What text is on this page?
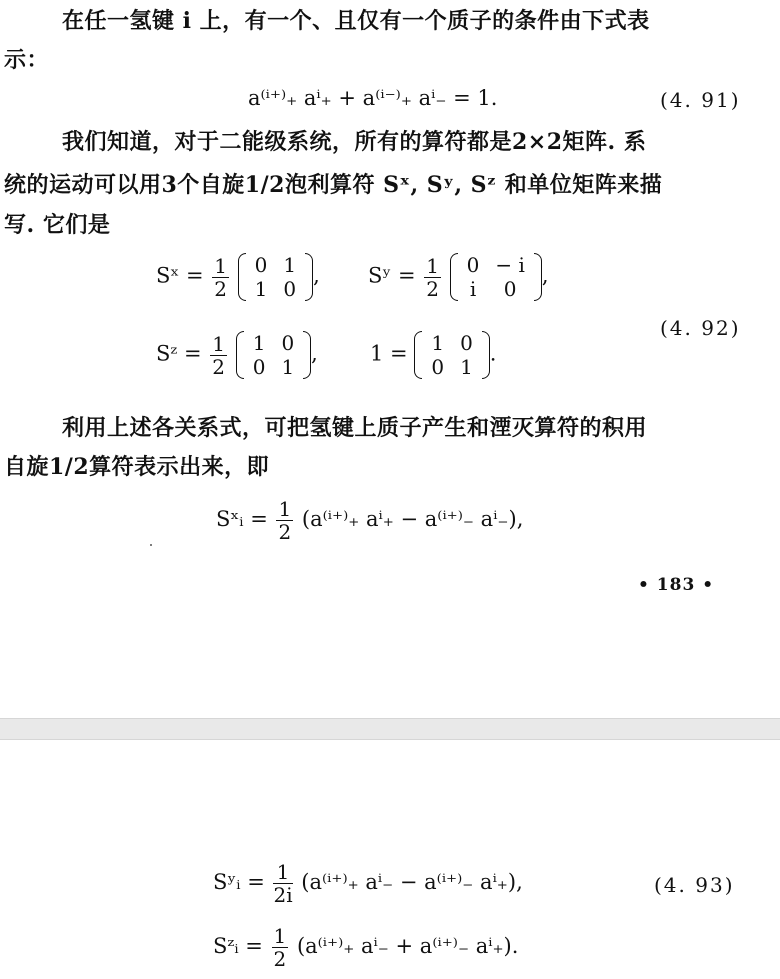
在任一氢键 i 上，有一个、且仅有一个质子的条件由下式表
示：
a⁽ⁱ⁺⁾₊ aⁱ₊ + a⁽ⁱ⁻⁾₊ aⁱ₋ = 1.	(4. 91)
我们知道，对于二能级系统，所有的算符都是2×2矩阵. 系
统的运动可以用3个自旋1/2泡利算符 Sˣ, Sʸ, Sᶻ 和单位矩阵来描
写. 它们是
Sˣ = $\frac{1}{2}$
0	1
1	0
, Sʸ = $\frac{1}{2}$
0	− i
i	0
,
(4. 92)
Sᶻ = $\frac{1}{2}$
1	0
0	1
, 1 = 1	0
0	1
.
利用上述各关系式，可把氢键上质子产生和湮灭算符的积用
自旋1/2算符表示出来，即
Sˣᵢ = $\frac{1}{2} (a^{(i+)}_+$ aⁱ₊ − a⁽ⁱ⁺⁾₋ aⁱ₋),
• 183 •
Sʸᵢ = $\frac{1}{2i} (a^{(i+)}_+$ aⁱ₋ − a⁽ⁱ⁺⁾₋ aⁱ₊),	(4. 93)
Sᶻᵢ = $\frac{1}{2} (a^{(i+)}_+$ aⁱ₋ + a⁽ⁱ⁺⁾₋ aⁱ₊).
